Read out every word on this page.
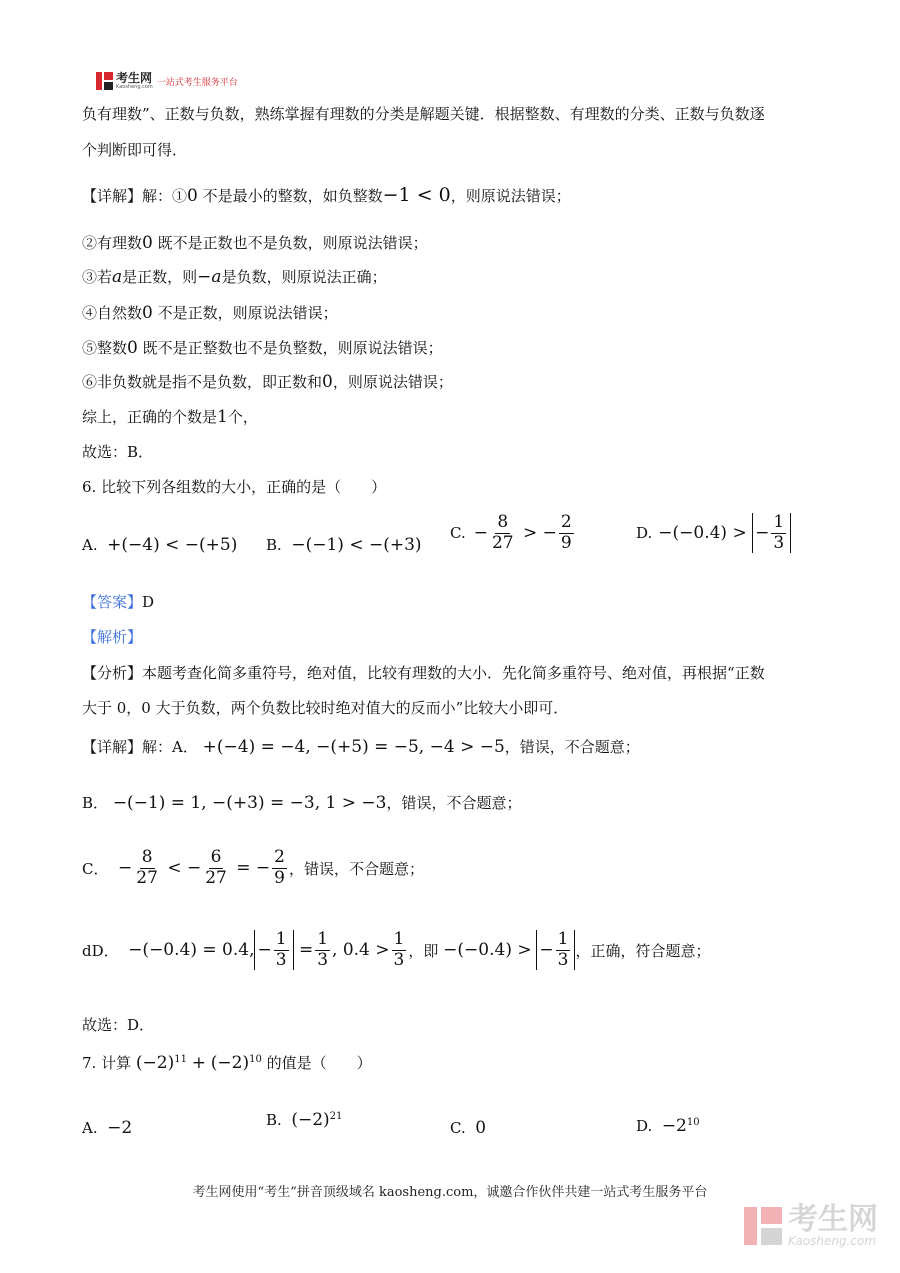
考生网
Kaosheng.com 一站式考生服务平台
负有理数”、正数与负数，熟练掌握有理数的分类是解题关键．根据整数、有理数的分类、正数与负数逐
个判断即可得．
【详解】解：①0 不是最小的整数，如负整数−1 < 0，则原说法错误；
②有理数0 既不是正数也不是负数，则原说法错误；
③若a是正数，则−a是负数，则原说法正确；
④自然数0 不是正数，则原说法错误；
⑤整数0 既不是正整数也不是负整数，则原说法错误；
⑥非负数就是指不是负数，即正数和0，则原说法错误；
综上，正确的个数是1个，
故选：B．
6. 比较下列各组数的大小，正确的是（　　）
A. +(−4) < −(+5) B. −(−1) < −(+3)
C. − $\frac{8}{27}$ > − $\frac{2}{9}$	D. −(−0.4) >
− $\frac{1}{3}$
【答案】D
【解析】
【分析】本题考查化简多重符号，绝对值，比较有理数的大小．先化简多重符号、绝对值，再根据“正数
大于 0，0 大于负数，两个负数比较时绝对值大的反而小”比较大小即可．
【详解】解：A． +(−4) = −4, −(+5) = −5, −4 > −5，错误，不合题意；
B． −(−1) = 1, −(+3) = −3, 1 > −3，错误，不合题意；
C．
− $\frac{8}{27}$ < − $\frac{6}{27}$ = − $\frac{2}{9}$ ，错误，不合题意；
dD．
−(−0.4) = 0.4, − $\frac{1}{3} = \frac{1}{3}$ , $0.4 > \frac{1}{3}$ ，即
−(−0.4) >
− $\frac{1}{3}$ ，正确，符合题意；
故选：D．
7. 计算 $(-2)^{11} + (-2)^{10}$ 的值是（　　）
A. −2	B. $(-2)^{21}$
C. 0	D. $-2^{10}$
考生网使用“考生”拼音顶级域名 kaosheng.com，诚邀合作伙伴共建一站式考生服务平台
考生网
Kaosheng.com
